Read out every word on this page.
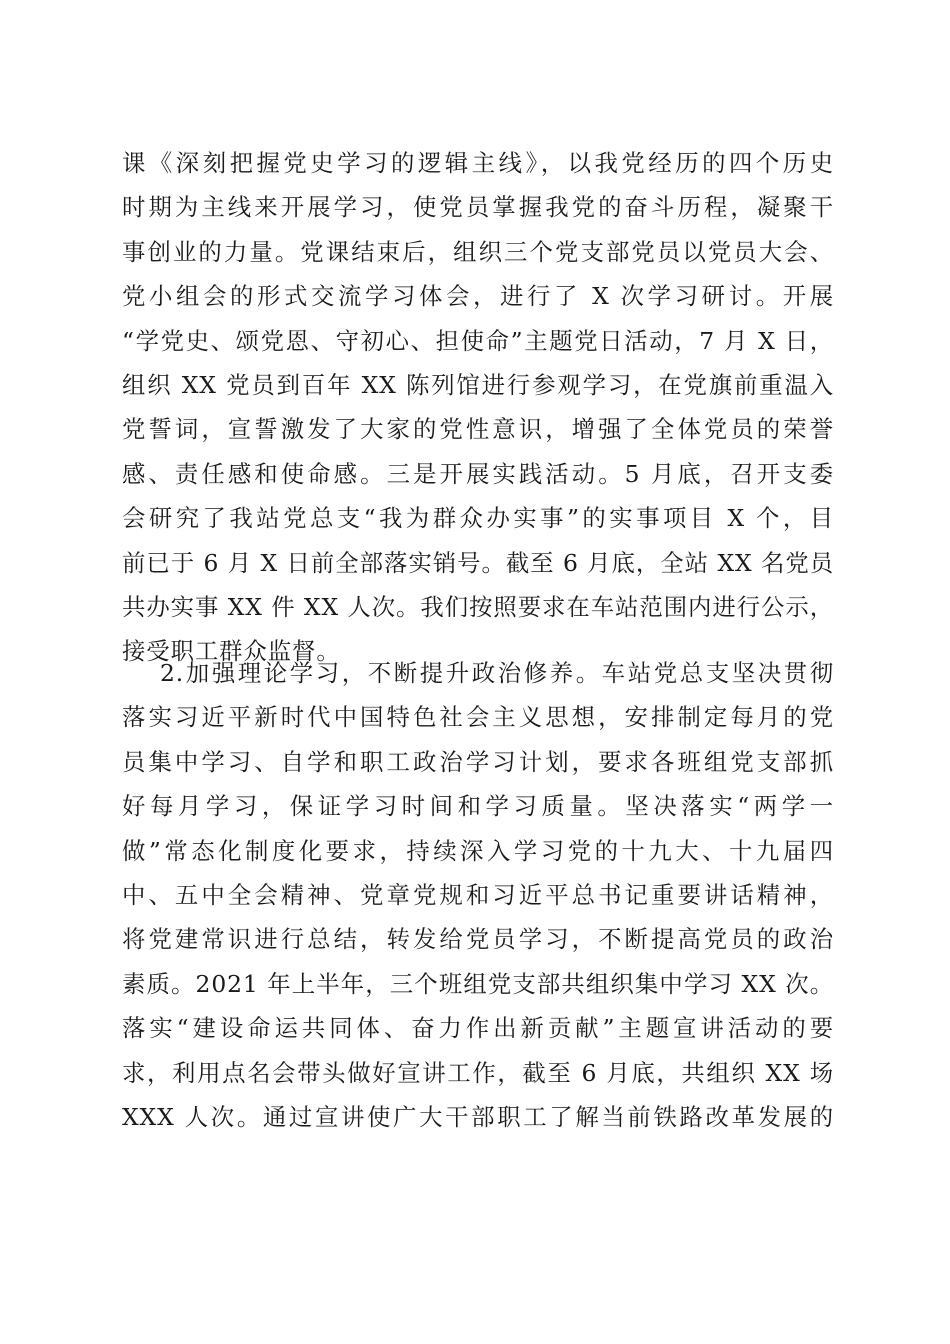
课《深刻把握党史学习的逻辑主线》，以我党经历的四个历史
时期为主线来开展学习，使党员掌握我党的奋斗历程，凝聚干
事创业的力量。党课结束后，组织三个党支部党员以党员大会、
党小组会的形式交流学习体会，进行了 X 次学习研讨。开展
“学党史、颂党恩、守初心、担使命”主题党日活动，7 月 X 日，
组织 XX 党员到百年 XX 陈列馆进行参观学习，在党旗前重温入
党誓词，宣誓激发了大家的党性意识，增强了全体党员的荣誉
感、责任感和使命感。三是开展实践活动。5 月底，召开支委
会研究了我站党总支“我为群众办实事”的实事项目 X 个，目
前已于 6 月 X 日前全部落实销号。截至 6 月底，全站 XX 名党员
共办实事 XX 件 XX 人次。我们按照要求在车站范围内进行公示，
接受职工群众监督。
2.加强理论学习，不断提升政治修养。车站党总支坚决贯彻
落实习近平新时代中国特色社会主义思想，安排制定每月的党
员集中学习、自学和职工政治学习计划，要求各班组党支部抓
好每月学习，保证学习时间和学习质量。坚决落实“两学一
做”常态化制度化要求，持续深入学习党的十九大、十九届四
中、五中全会精神、党章党规和习近平总书记重要讲话精神，
将党建常识进行总结，转发给党员学习，不断提高党员的政治
素质。2021 年上半年，三个班组党支部共组织集中学习 XX 次。
落实“建设命运共同体、奋力作出新贡献”主题宣讲活动的要
求，利用点名会带头做好宣讲工作，截至 6 月底，共组织 XX 场
XXX 人次。通过宣讲使广大干部职工了解当前铁路改革发展的
